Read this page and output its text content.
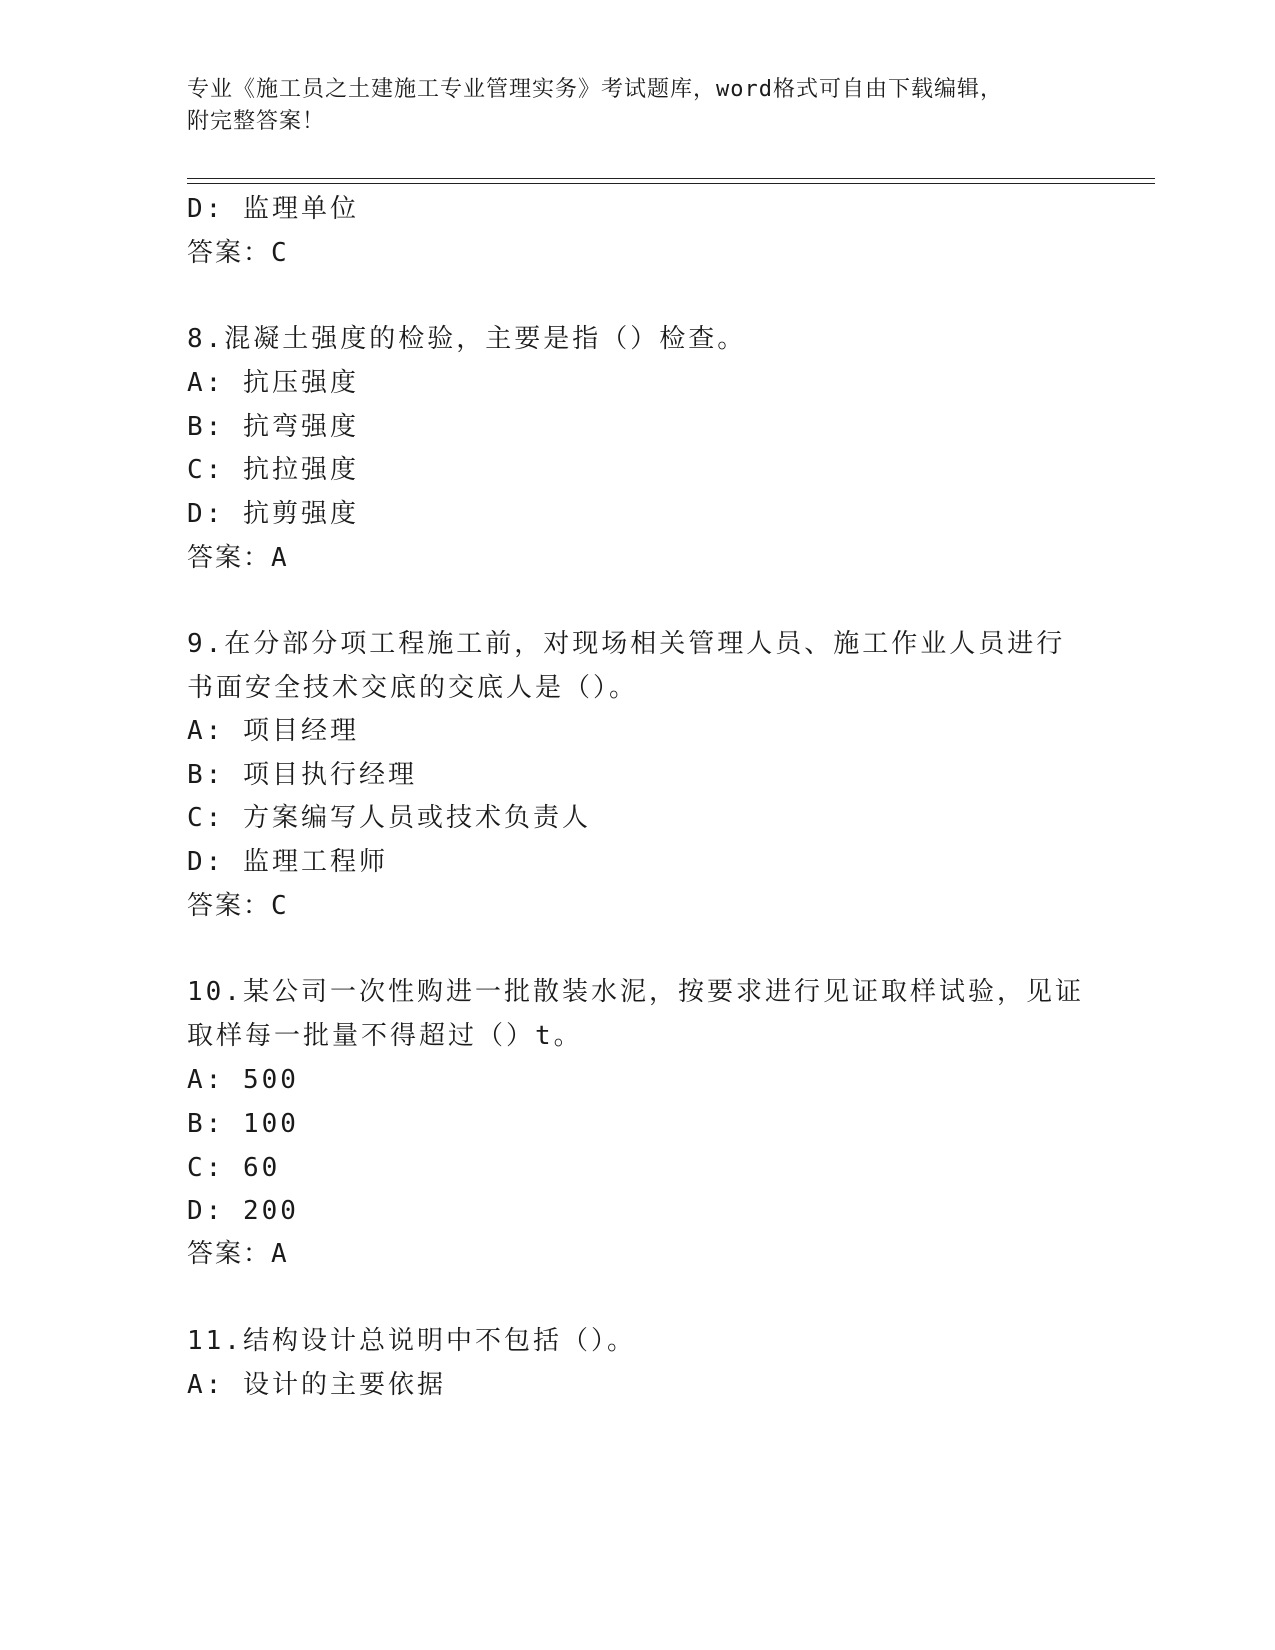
专业《施工员之土建施工专业管理实务》考试题库，word格式可自由下载编辑，
附完整答案！
D: 监理单位
答案：C
8.混凝土强度的检验，主要是指（）检查。
A: 抗压强度
B: 抗弯强度
C: 抗拉强度
D: 抗剪强度
答案：A
9.在分部分项工程施工前，对现场相关管理人员、施工作业人员进行
书面安全技术交底的交底人是（）。
A: 项目经理
B: 项目执行经理
C: 方案编写人员或技术负责人
D: 监理工程师
答案：C
10.某公司一次性购进一批散装水泥，按要求进行见证取样试验，见证
取样每一批量不得超过（）t。
A: 500
B: 100
C: 60
D: 200
答案：A
11.结构设计总说明中不包括（）。
A: 设计的主要依据
